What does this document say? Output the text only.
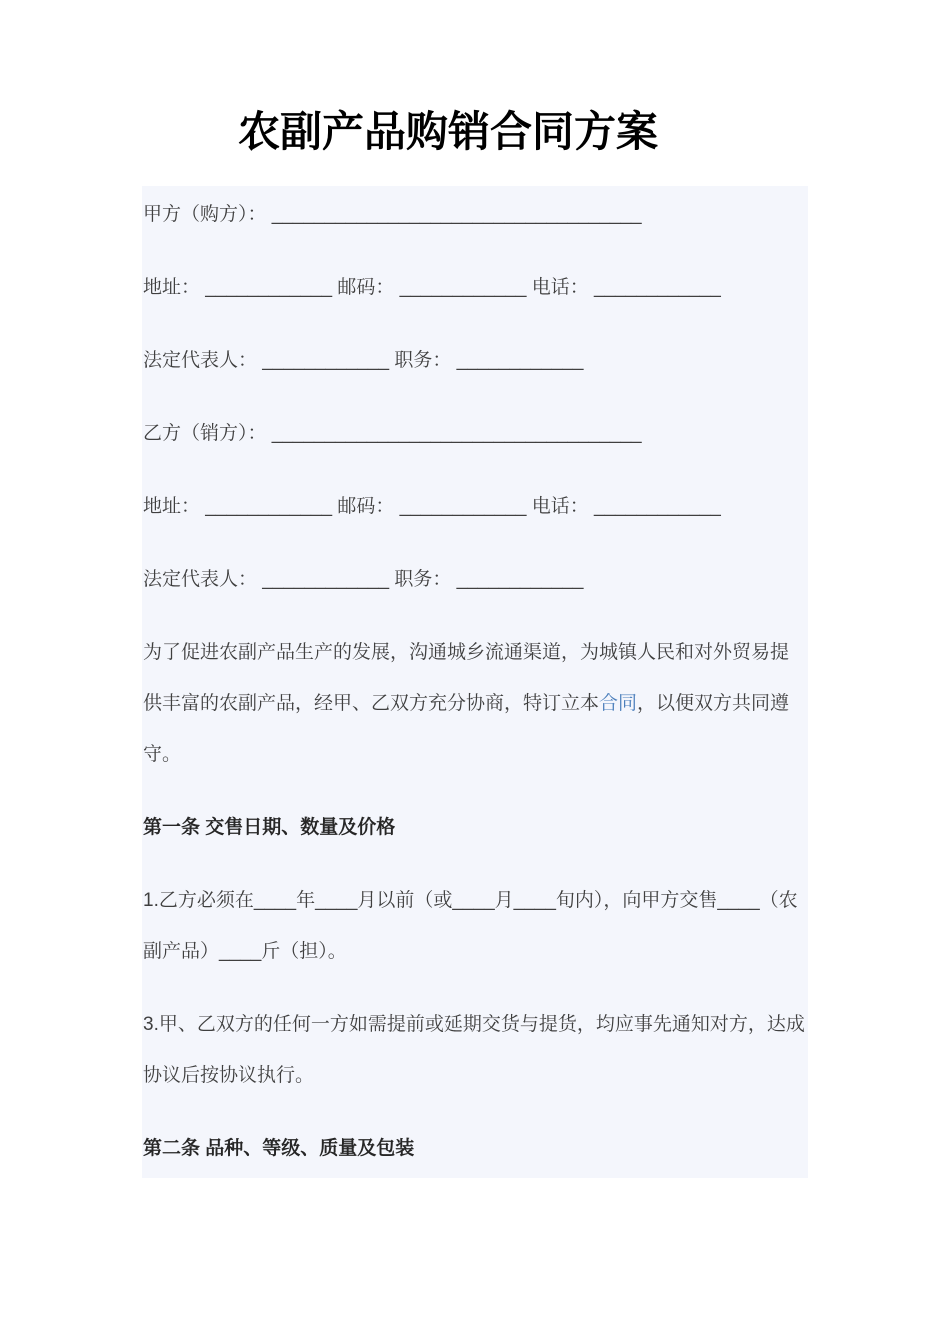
农副产品购销合同方案

甲方（购方）： ___________________________________

地址： ____________ 邮码： ____________ 电话： ____________

法定代表人： ____________ 职务： ____________

乙方（销方）： ___________________________________

地址： ____________ 邮码： ____________ 电话： ____________

法定代表人： ____________ 职务： ____________

为了促进农副产品生产的发展，沟通城乡流通渠道，为城镇人民和对外贸易提供丰富的农副产品，经甲、乙双方充分协商，特订立本合同，以便双方共同遵守。

第一条 交售日期、数量及价格

1.乙方必须在____年____月以前（或____月____旬内），向甲方交售____（农副产品）____斤（担）。

3.甲、乙双方的任何一方如需提前或延期交货与提货，均应事先通知对方，达成协议后按协议执行。

第二条 品种、等级、质量及包装
